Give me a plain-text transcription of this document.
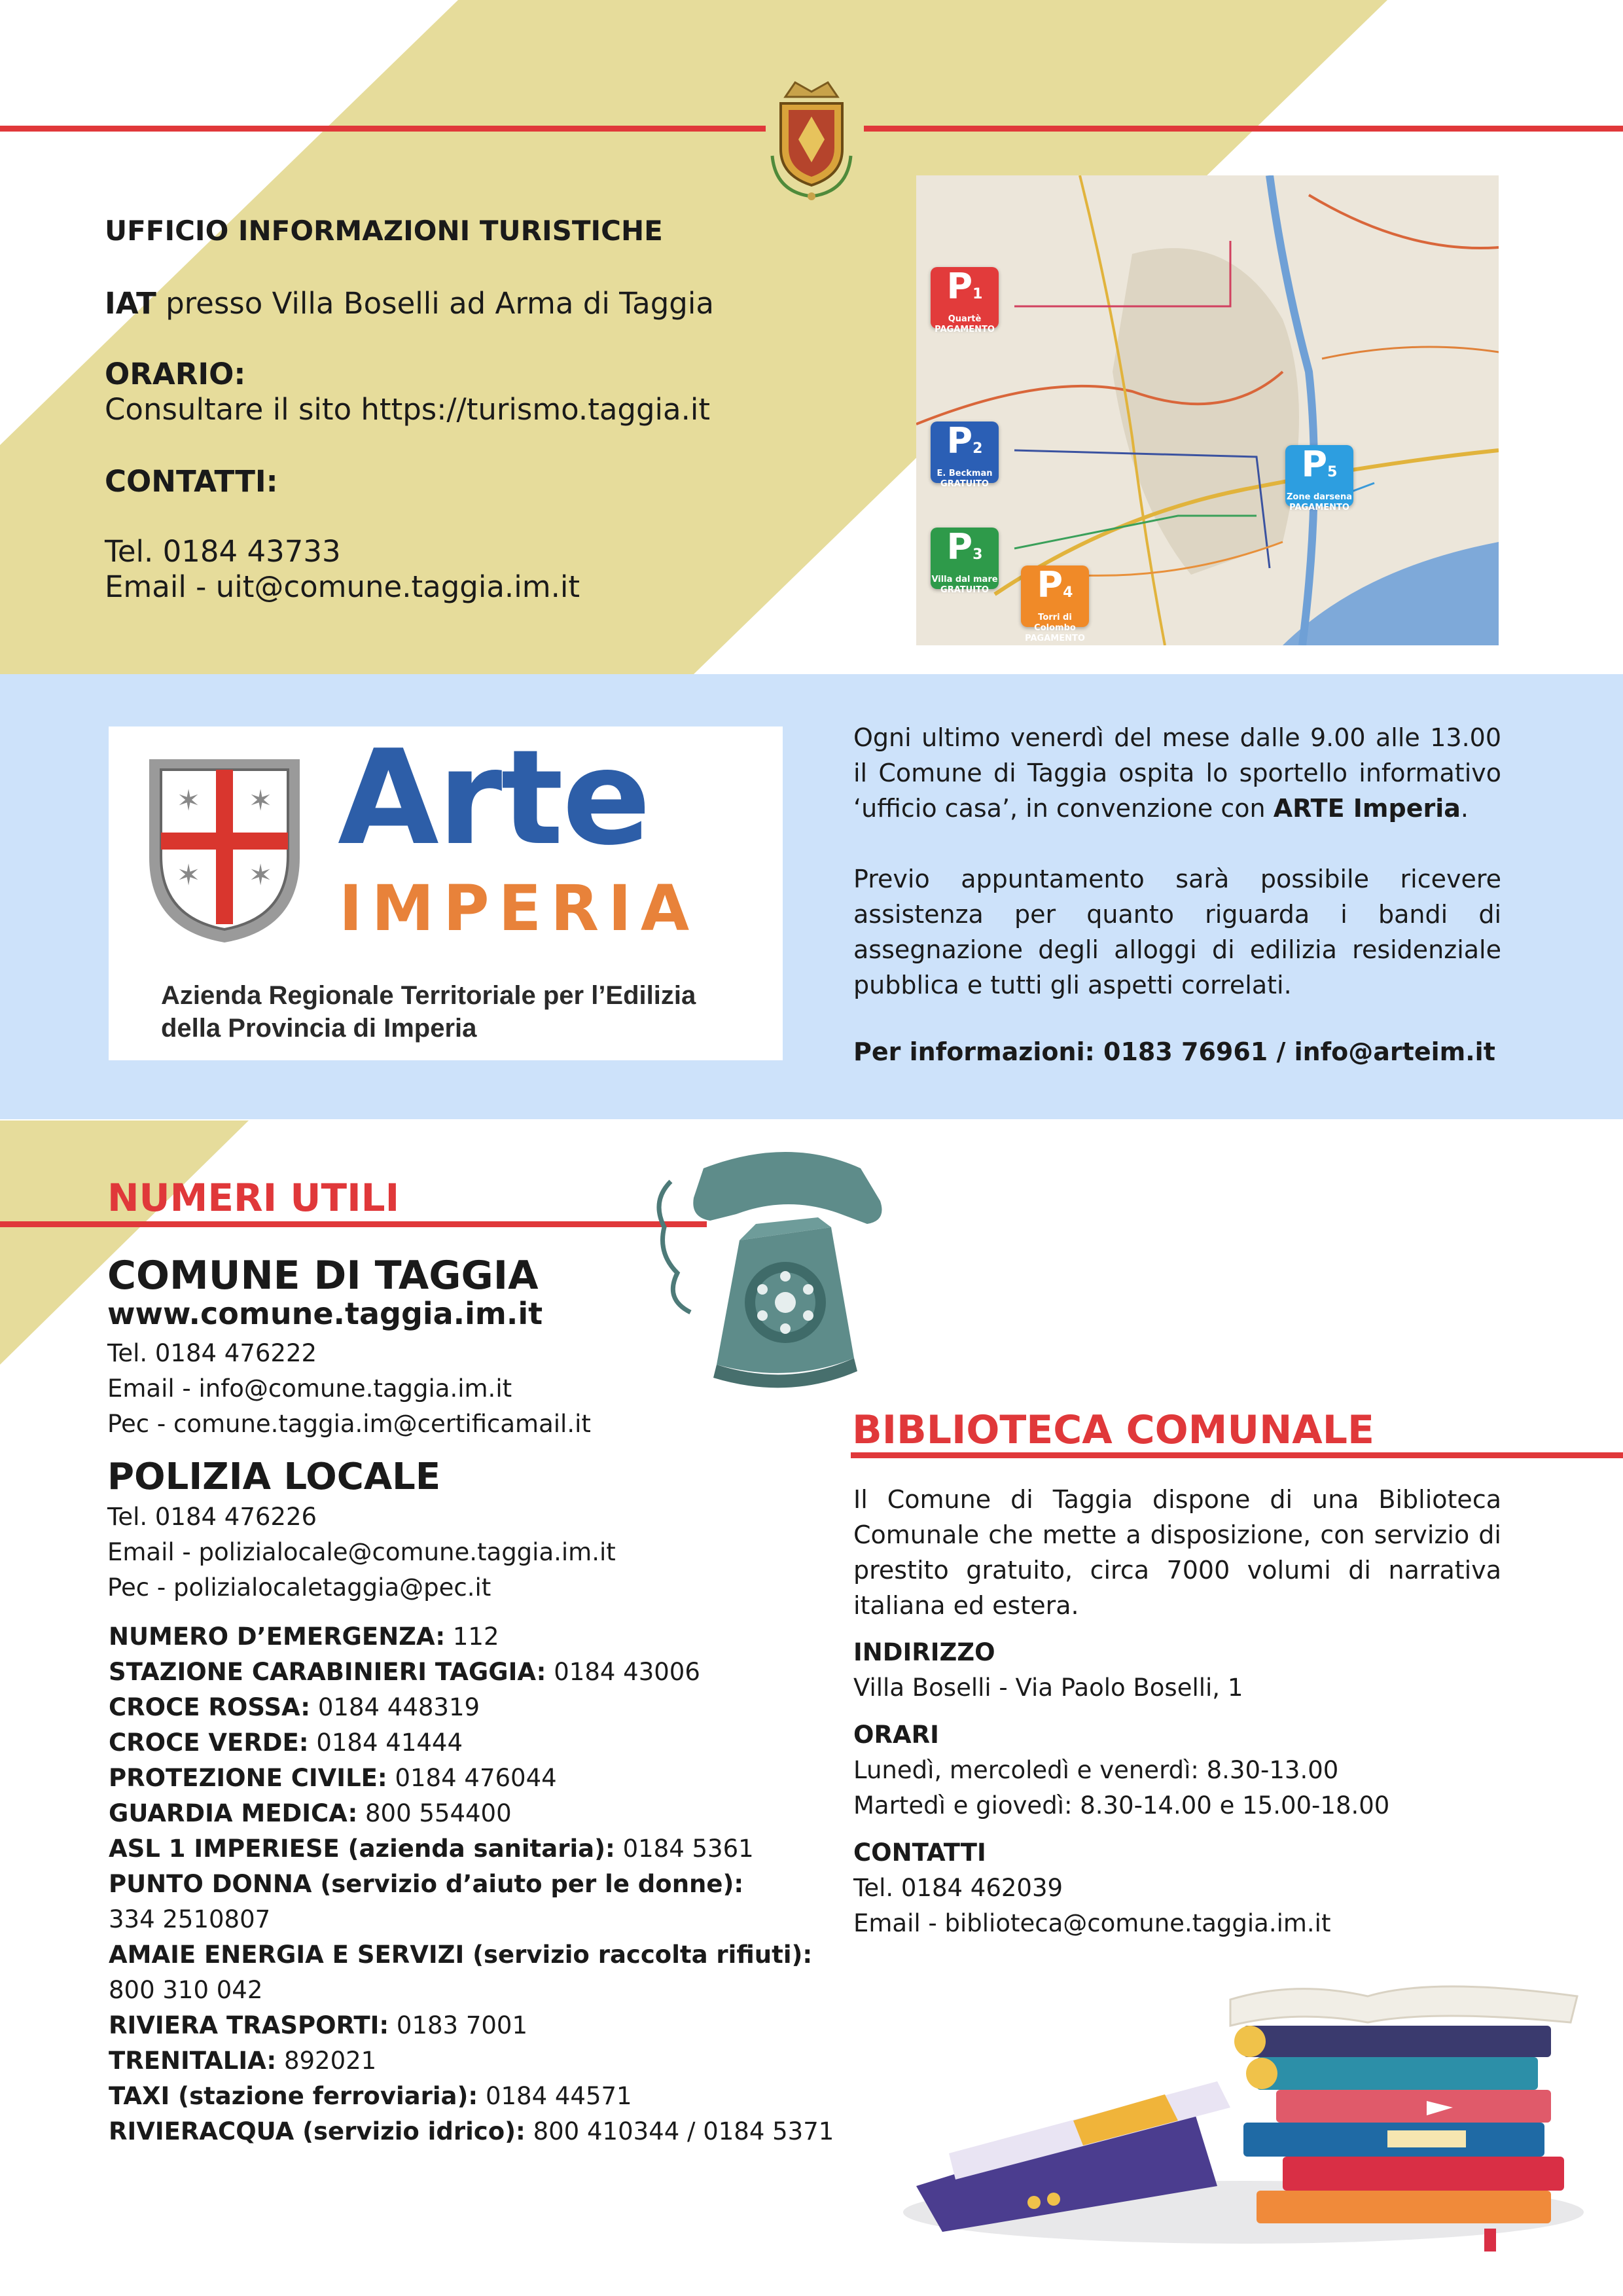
UFFICIO INFORMAZIONI TURISTICHE
IAT presso Villa Boselli ad Arma di Taggia
ORARIO:
Consultare il sito https://turismo.taggia.it
CONTATTI:
Tel. 0184 43733
Email - uit@comune.taggia.im.it
P1
Quartè
PAGAMENTO
P2
E. Beckman
GRATUITO
P3
Villa dal mare
GRATUITO	P4
Torri di Colombo
PAGAMENTO
P5
Zone darsena
PAGAMENTO
✶ ✶
✶ ✶
Arte
IMPERIA
Azienda Regionale Territoriale per l’Edilizia
della Provincia di Imperia
Ogni ultimo venerdì del mese dalle 9.00 alle 13.00 il Comune di Taggia ospita lo sportello informativo ‘ufficio casa’, in convenzione con ARTE Imperia.
Previo appuntamento sarà possibile ricevere assistenza per quanto riguarda i bandi di assegnazione degli alloggi di edilizia residenziale pubblica e tutti gli aspetti correlati.
Per informazioni: 0183 76961 / info@arteim.it
NUMERI UTILI
COMUNE DI TAGGIA
www.comune.taggia.im.it
Tel. 0184 476222
Email - info@comune.taggia.im.it
Pec - comune.taggia.im@certificamail.it
POLIZIA LOCALE
Tel. 0184 476226
Email - polizialocale@comune.taggia.im.it
Pec - polizialocaletaggia@pec.it
NUMERO D’EMERGENZA: 112
STAZIONE CARABINIERI TAGGIA: 0184 43006
CROCE ROSSA: 0184 448319
CROCE VERDE: 0184 41444
PROTEZIONE CIVILE: 0184 476044
GUARDIA MEDICA: 800 554400
ASL 1 IMPERIESE (azienda sanitaria): 0184 5361
PUNTO DONNA (servizio d’aiuto per le donne):
334 2510807
AMAIE ENERGIA E SERVIZI (servizio raccolta rifiuti):
800 310 042
RIVIERA TRASPORTI: 0183 7001
TRENITALIA: 892021
TAXI (stazione ferroviaria): 0184 44571
RIVIERACQUA (servizio idrico): 800 410344 / 0184 5371
BIBLIOTECA COMUNALE
Il Comune di Taggia dispone di una Biblioteca Comunale che mette a disposizione, con servizio di prestito gratuito, circa 7000 volumi di narrativa italiana ed estera.
INDIRIZZO
Villa Boselli - Via Paolo Boselli, 1
ORARI
Lunedì, mercoledì e venerdì: 8.30-13.00
Martedì e giovedì: 8.30-14.00 e 15.00-18.00
CONTATTI
Tel. 0184 462039
Email - biblioteca@comune.taggia.im.it
